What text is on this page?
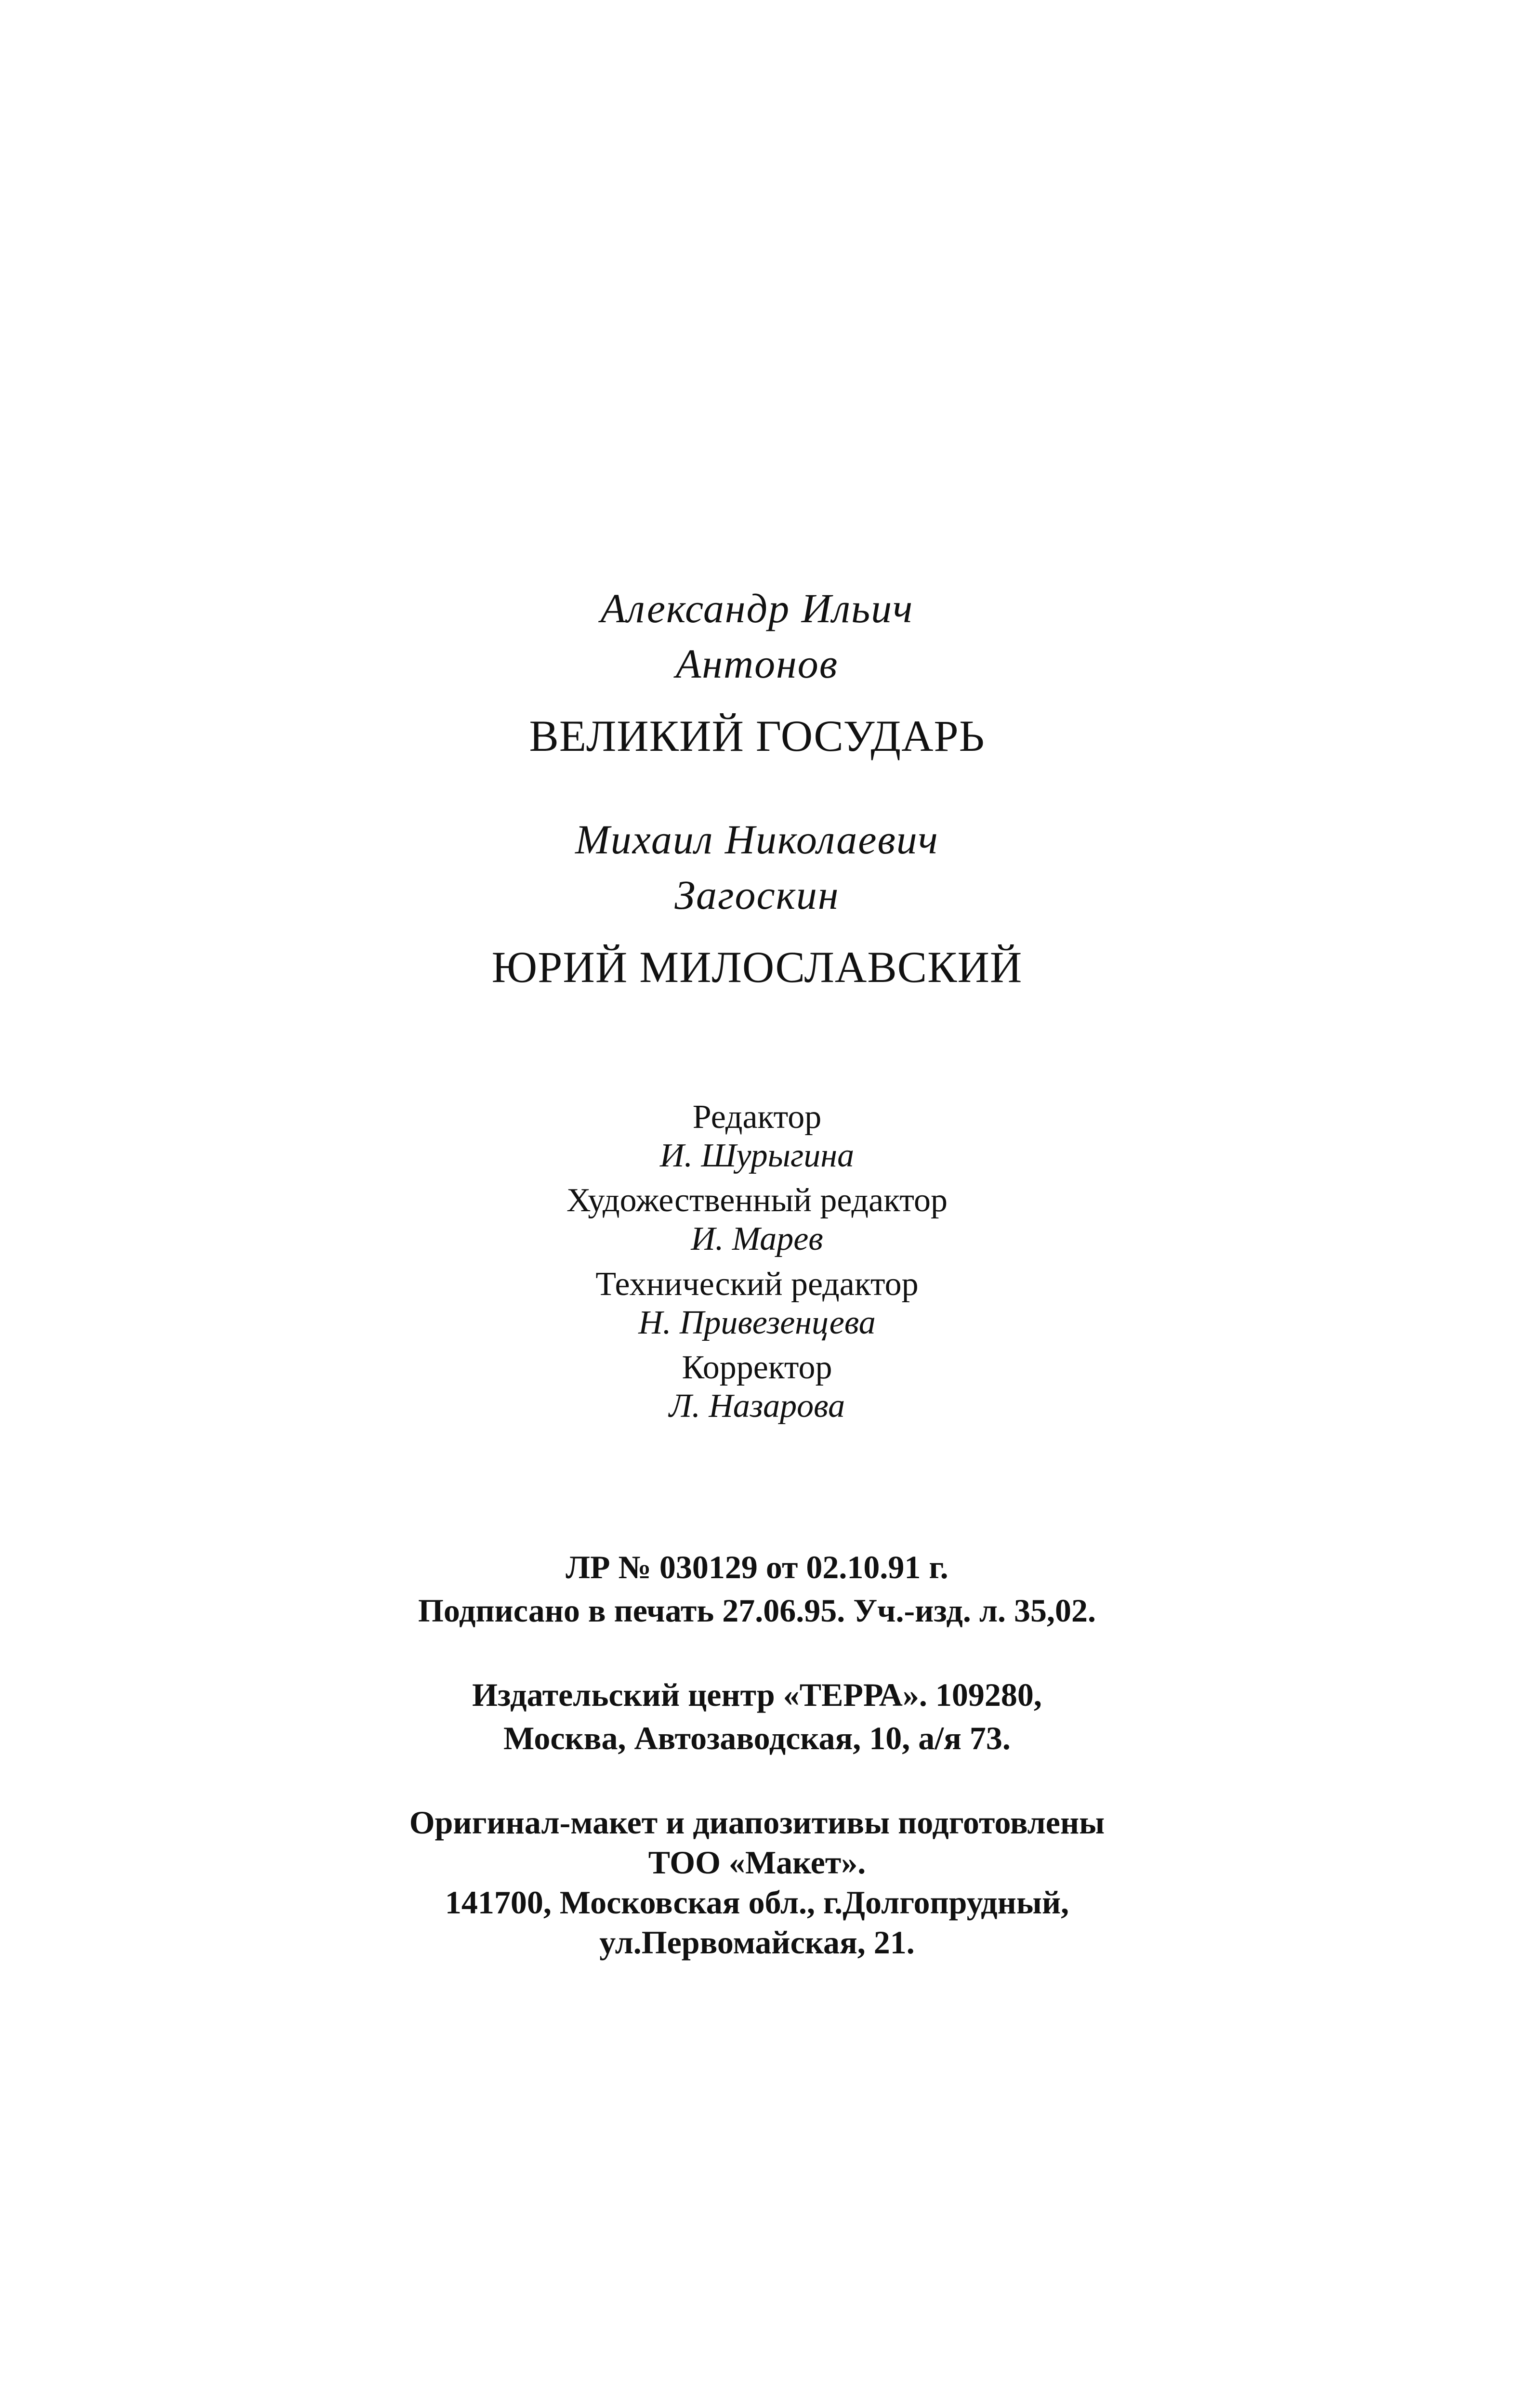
Александр Ильич
Антонов
ВЕЛИКИЙ ГОСУДАРЬ
Михаил Николаевич
Загоскин
ЮРИЙ МИЛОСЛАВСКИЙ
Редактор
И. Шурыгина
Художественный редактор
И. Марев
Технический редактор
Н. Привезенцева
Корректор
Л. Назарова
ЛР № 030129 от 02.10.91 г.
Подписано в печать 27.06.95. Уч.-изд. л. 35,02.
Издательский центр «ТЕРРА». 109280,
Москва, Автозаводская, 10, а/я 73.
Оригинал-макет и диапозитивы подготовлены
ТОО «Макет».
141700, Московская обл., г.Долгопрудный,
ул.Первомайская, 21.
